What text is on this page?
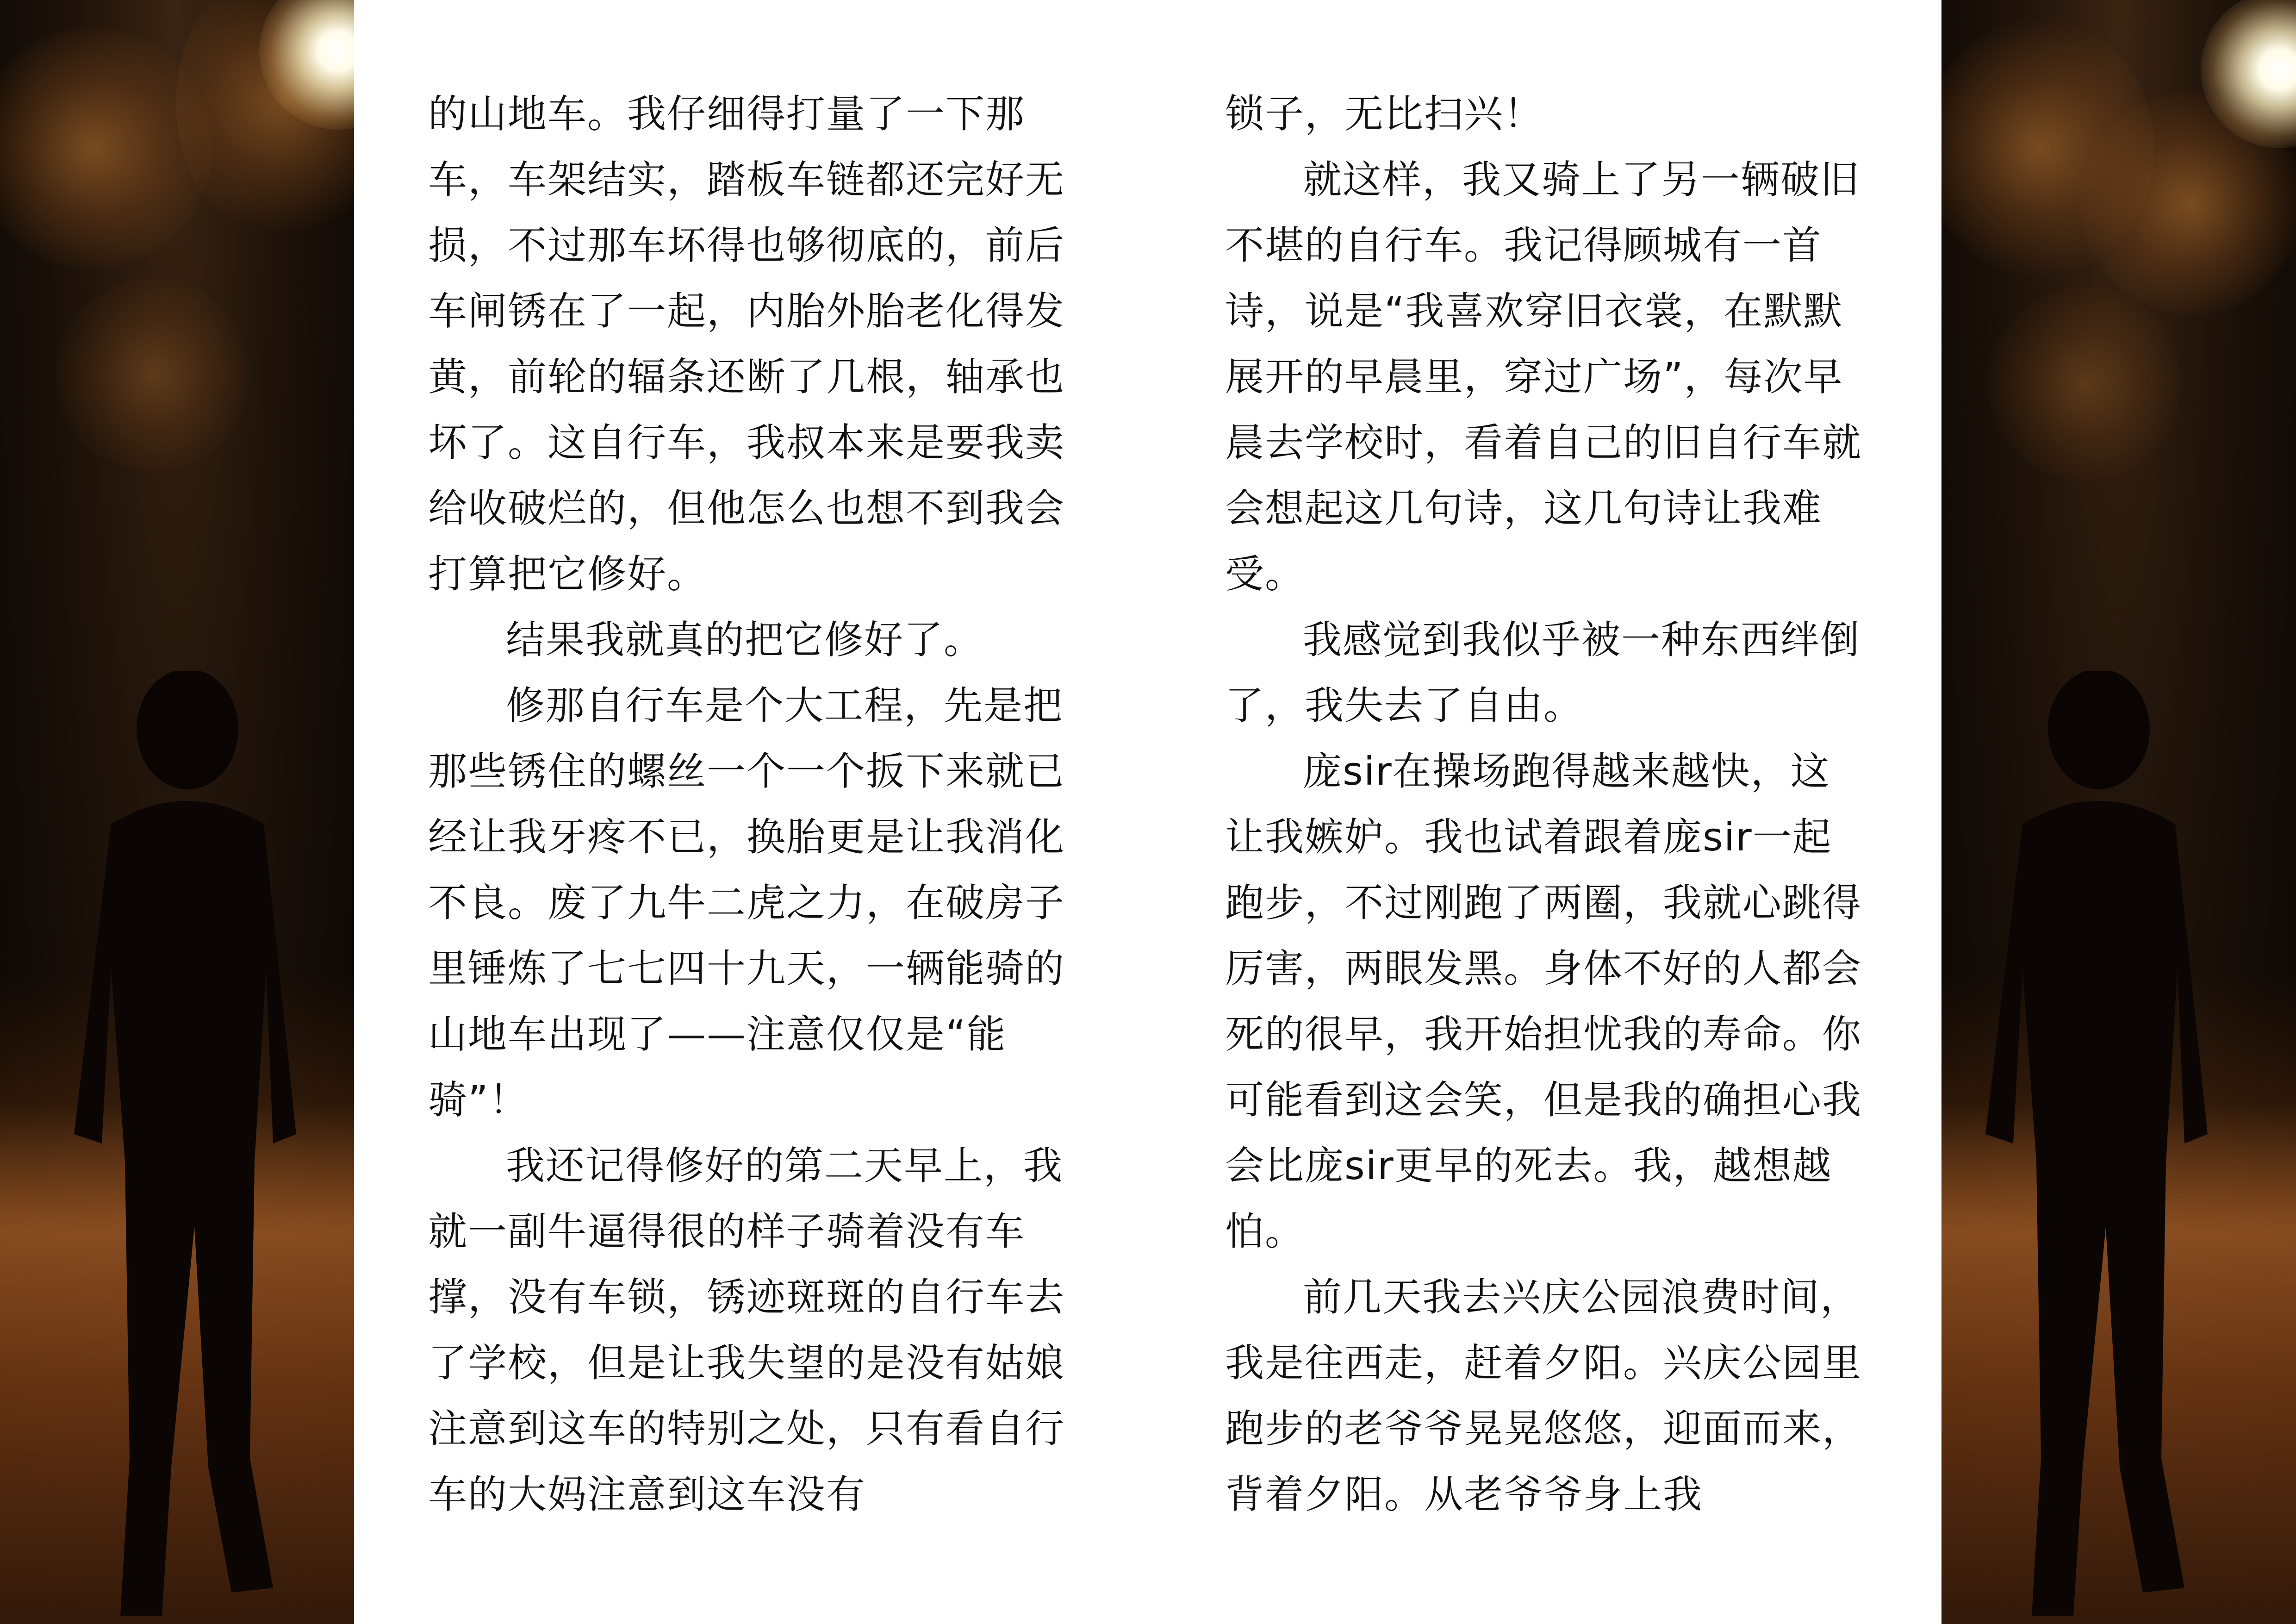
的山地车。我仔细得打量了一下那车，车架结实，踏板车链都还完好无损，不过那车坏得也够彻底的，前后车闸锈在了一起，内胎外胎老化得发黄，前轮的辐条还断了几根，轴承也坏了。这自行车，我叔本来是要我卖给收破烂的，但他怎么也想不到我会打算把它修好。

结果我就真的把它修好了。

修那自行车是个大工程，先是把那些锈住的螺丝一个一个扳下来就已经让我牙疼不已，换胎更是让我消化不良。废了九牛二虎之力，在破房子里锤炼了七七四十九天，一辆能骑的山地车出现了——注意仅仅是“能骑”！

我还记得修好的第二天早上，我就一副牛逼得很的样子骑着没有车撑，没有车锁，锈迹斑斑的自行车去了学校，但是让我失望的是没有姑娘注意到这车的特别之处，只有看自行车的大妈注意到这车没有

锁子，无比扫兴！

就这样，我又骑上了另一辆破旧不堪的自行车。我记得顾城有一首诗，说是“我喜欢穿旧衣裳，在默默展开的早晨里，穿过广场”，每次早晨去学校时，看着自己的旧自行车就会想起这几句诗，这几句诗让我难受。

我感觉到我似乎被一种东西绊倒了，我失去了自由。

庞sir在操场跑得越来越快，这让我嫉妒。我也试着跟着庞sir一起跑步，不过刚跑了两圈，我就心跳得厉害，两眼发黑。身体不好的人都会死的很早，我开始担忧我的寿命。你可能看到这会笑，但是我的确担心我会比庞sir更早的死去。我，越想越怕。

前几天我去兴庆公园浪费时间，我是往西走，赶着夕阳。兴庆公园里跑步的老爷爷晃晃悠悠，迎面而来，背着夕阳。从老爷爷身上我
